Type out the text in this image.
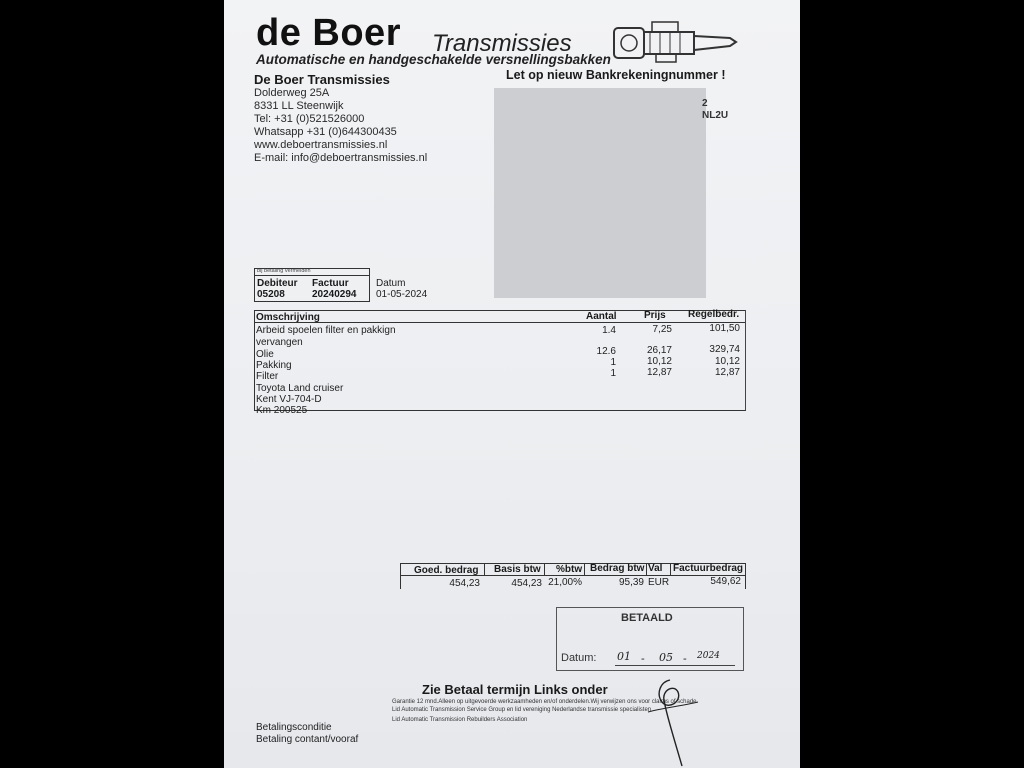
de Boer Transmissies
Automatische en handgeschakelde versnellingsbakken
De Boer Transmissies
Dolderweg 25A
8331 LL Steenwijk
Tel: +31 (0)521526000
Whatsapp +31 (0)644300435
www.deboertransmissies.nl
E-mail: info@deboertransmissies.nl
Let op nieuw Bankrekeningnummer !
2
NL2U
bij betaling vermelden
Debiteur Factuur
05208	20240294
Datum
01-05-2024
Omschrijving	Aantal	Prijs Regelbedr.
Arbeid spoelen filter en pakkign	1.4	7,25	101,50
vervangen
Olie	12.6	26,17	329,74
Pakking	1	10,12	10,12
Filter	1	12,87	12,87
Toyota Land cruiser
Kent VJ-704-D
Km 200525
Goed. bedrag Basis btw %btw Bedrag btw Val Factuurbedrag
454,23	454,23 21,00%	95,39 EUR	549,62
BETAALD
Datum: 01 - 05 - 2024
Zie Betaal termijn Links onder
Garantie 12 mnd.Alleen op uitgevoerde werkzaamheden en/of onderdelen.Wij verwijzen ons voor claims of schade
Lid Automatic Transmission Service Group en lid vereniging Nederlandse transmissie specialisten
Lid Automatic Transmission Rebuilders Association
Betalingsconditie
Betaling contant/vooraf
